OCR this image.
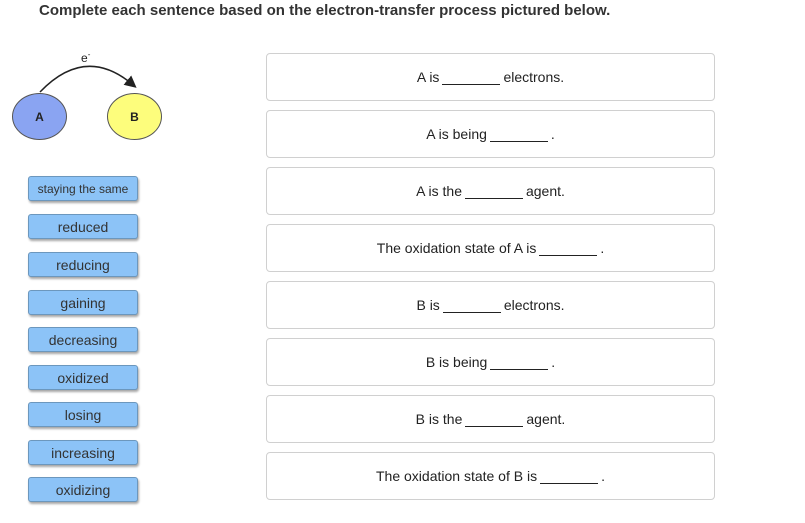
Complete each sentence based on the electron-transfer process pictured below.
e-
A	B
staying the same
reduced
reducing
gaining
decreasing
oxidized
losing
increasing
oxidizing
A is	electrons.
A is being	.
A is the	agent.
The oxidation state of A is	.
B is	electrons.
B is being	.
B is the	agent.
The oxidation state of B is	.
